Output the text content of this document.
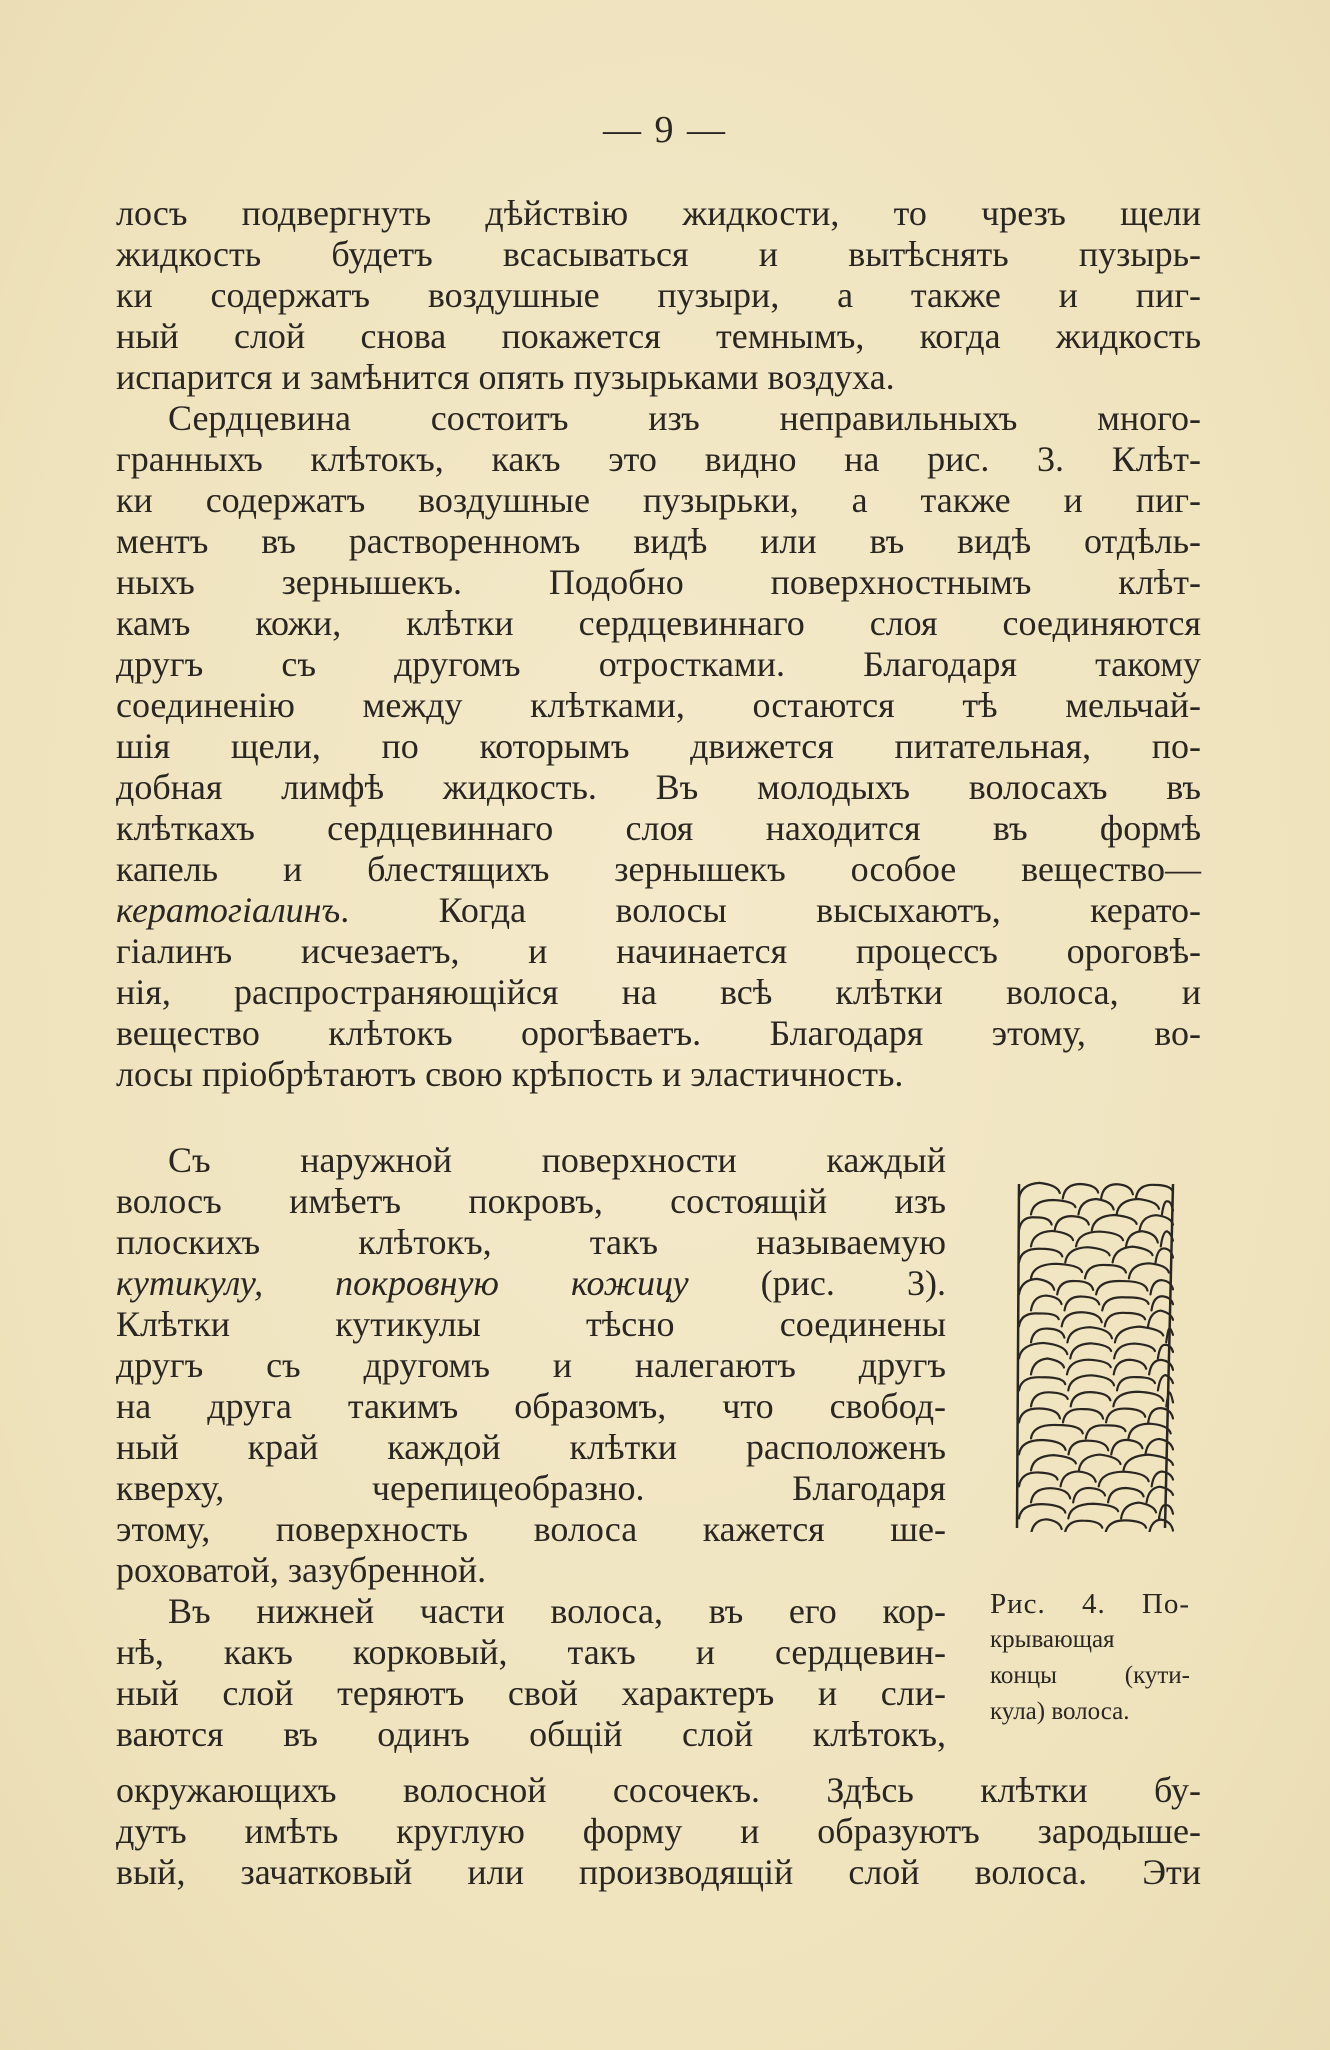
— 9 —
лосъ подвергнуть дѣйствію жидкости, то чрезъ щели
жидкость будетъ всасываться и вытѣснять пузырь-
ки содержатъ воздушные пузыри, а также и пиг-
ный слой снова покажется темнымъ, когда жидкость
испарится и замѣнится опять пузырьками воздуха.
Сердцевина состоитъ изъ неправильныхъ много-
гранныхъ клѣтокъ, какъ это видно на рис. 3. Клѣт-
ки содержатъ воздушные пузырьки, а также и пиг-
ментъ въ растворенномъ видѣ или въ видѣ отдѣль-
ныхъ зернышекъ. Подобно поверхностнымъ клѣт-
камъ кожи, клѣтки сердцевиннаго слоя соединяются
другъ съ другомъ отростками. Благодаря такому
соединенію между клѣтками, остаются тѣ мельчай-
шія щели, по которымъ движется питательная, по-
добная лимфѣ жидкость. Въ молодыхъ волосахъ въ
клѣткахъ сердцевиннаго слоя находится въ формѣ
капель и блестящихъ зернышекъ особое вещество—
кератогіалинъ. Когда волосы высыхаютъ, керато-
гіалинъ исчезаетъ, и начинается процессъ ороговѣ-
нія, распространяющійся на всѣ клѣтки волоса, и
вещество клѣтокъ орогѣваетъ. Благодаря этому, во-
лосы пріобрѣтаютъ свою крѣпость и эластичность.
Съ наружной поверхности каждый
волосъ имѣетъ покровъ, состоящій изъ
плоскихъ клѣтокъ, такъ называемую
кутикулу, покровную кожицу (рис. 3).
Клѣтки кутикулы тѣсно соединены
другъ съ другомъ и налегаютъ другъ
на друга такимъ образомъ, что свобод-
ный край каждой клѣтки расположенъ
кверху, черепицеобразно. Благодаря
этому, поверхность волоса кажется ше-
роховатой, зазубренной.
Въ нижней части волоса, въ его кор-
нѣ, какъ корковый, такъ и сердцевин-
ный слой теряютъ свой характеръ и сли-
ваются въ одинъ общій слой клѣтокъ,
окружающихъ волосной сосочекъ. Здѣсь клѣтки бу-
дутъ имѣть круглую форму и образуютъ зародыше-
вый, зачатковый или производящій слой волоса. Эти
Рис. 4. По-
крывающая
концы (кути-
кула) волоса.
